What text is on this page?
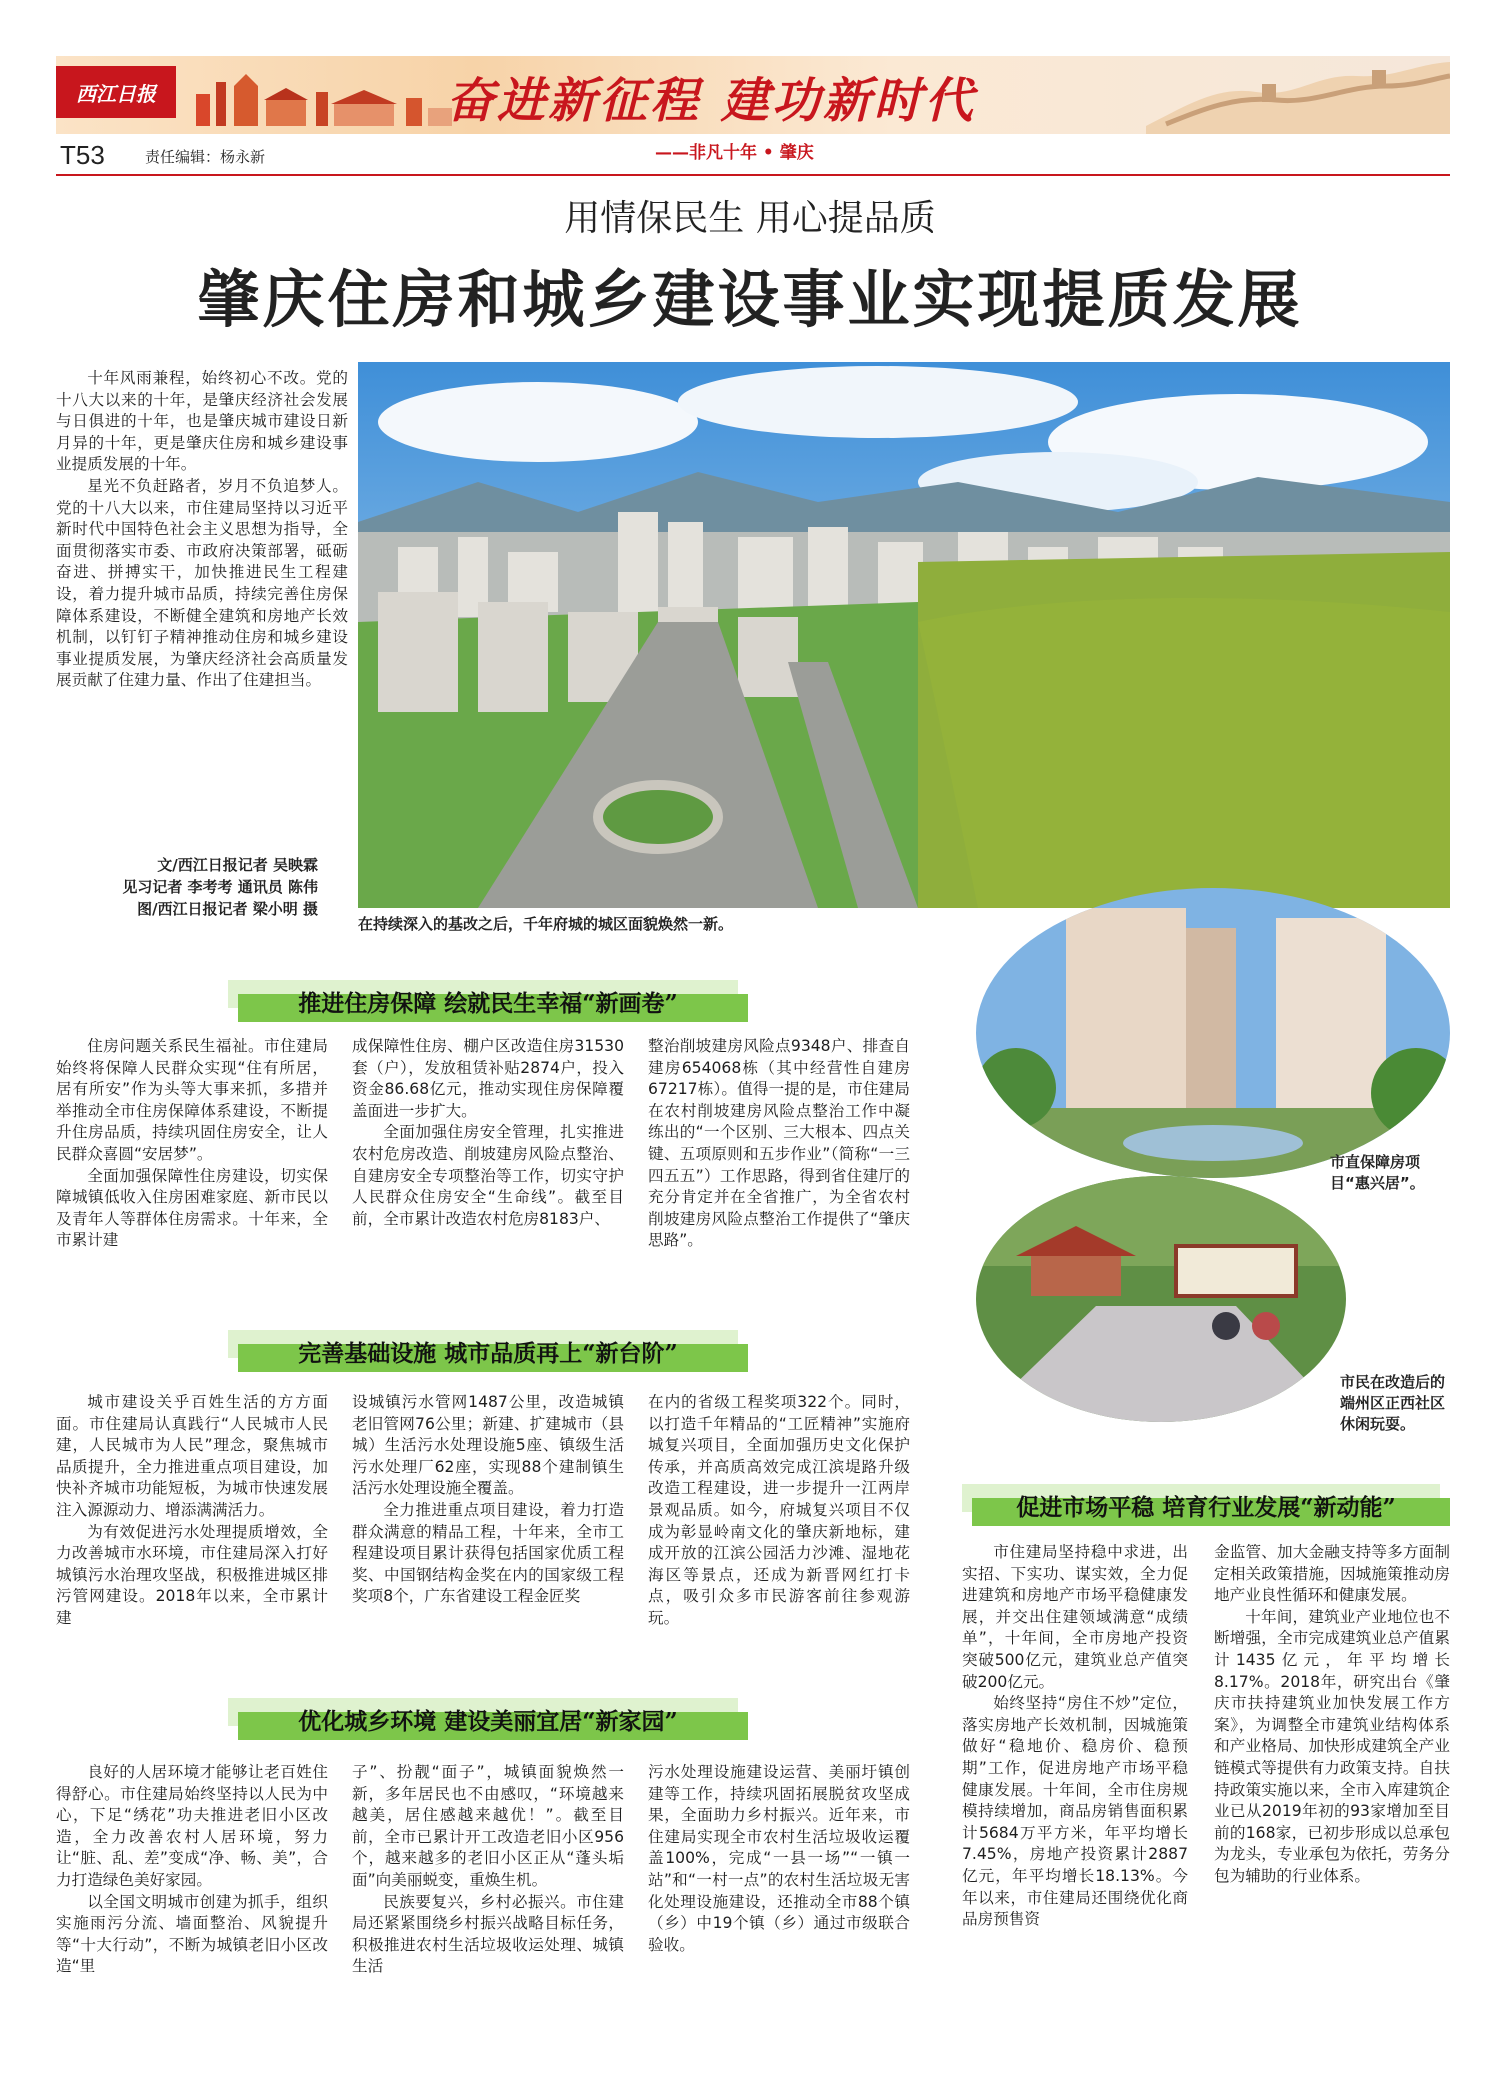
西江日报	奋进新征程 建功新时代
——非凡十年 • 肇庆
T53	责任编辑：杨永新
用情保民生 用心提品质
肇庆住房和城乡建设事业实现提质发展

十年风雨兼程，始终初心不改。党的十八大以来的十年，是肇庆经济社会发展与日俱进的十年，也是肇庆城市建设日新月异的十年，更是肇庆住房和城乡建设事业提质发展的十年。

星光不负赶路者，岁月不负追梦人。党的十八大以来，市住建局坚持以习近平新时代中国特色社会主义思想为指导，全面贯彻落实市委、市政府决策部署，砥砺奋进、拼搏实干，加快推进民生工程建设，着力提升城市品质，持续完善住房保障体系建设，不断健全建筑和房地产长效机制，以钉钉子精神推动住房和城乡建设事业提质发展，为肇庆经济社会高质量发展贡献了住建力量、作出了住建担当。

文/西江日报记者 吴映霖
见习记者 李考考 通讯员 陈伟
图/西江日报记者 梁小明 摄
在持续深入的基改之后，千年府城的城区面貌焕然一新。
市直保障房项目“惠兴居”。
市民在改造后的端州区正西社区休闲玩耍。
推进住房保障 绘就民生幸福“新画卷”

住房问题关系民生福祉。市住建局始终将保障人民群众实现“住有所居，居有所安”作为头等大事来抓，多措并举推动全市住房保障体系建设，不断提升住房品质，持续巩固住房安全，让人民群众喜圆“安居梦”。

全面加强保障性住房建设，切实保障城镇低收入住房困难家庭、新市民以及青年人等群体住房需求。十年来，全市累计建

成保障性住房、棚户区改造住房31530套（户），发放租赁补贴2874户，投入资金86.68亿元，推动实现住房保障覆盖面进一步扩大。

全面加强住房安全管理，扎实推进农村危房改造、削坡建房风险点整治、自建房安全专项整治等工作，切实守护人民群众住房安全“生命线”。截至目前，全市累计改造农村危房8183户、

整治削坡建房风险点9348户、排查自建房654068栋（其中经营性自建房67217栋）。值得一提的是，市住建局在农村削坡建房风险点整治工作中凝练出的“一个区别、三大根本、四点关键、五项原则和五步作业”（简称“一三四五五”）工作思路，得到省住建厅的充分肯定并在全省推广，为全省农村削坡建房风险点整治工作提供了“肇庆思路”。

完善基础设施 城市品质再上“新台阶”

城市建设关乎百姓生活的方方面面。市住建局认真践行“人民城市人民建，人民城市为人民”理念，聚焦城市品质提升，全力推进重点项目建设，加快补齐城市功能短板，为城市快速发展注入源源动力、增添满满活力。

为有效促进污水处理提质增效，全力改善城市水环境，市住建局深入打好城镇污水治理攻坚战，积极推进城区排污管网建设。2018年以来，全市累计建

设城镇污水管网1487公里，改造城镇老旧管网76公里；新建、扩建城市（县城）生活污水处理设施5座、镇级生活污水处理厂62座，实现88个建制镇生活污水处理设施全覆盖。

全力推进重点项目建设，着力打造群众满意的精品工程，十年来，全市工程建设项目累计获得包括国家优质工程奖、中国钢结构金奖在内的国家级工程奖项8个，广东省建设工程金匠奖

在内的省级工程奖项322个。同时，以打造千年精品的“工匠精神”实施府城复兴项目，全面加强历史文化保护传承，并高质高效完成江滨堤路升级改造工程建设，进一步提升一江两岸景观品质。如今，府城复兴项目不仅成为彰显岭南文化的肇庆新地标，建成开放的江滨公园活力沙滩、湿地花海区等景点，还成为新晋网红打卡点，吸引众多市民游客前往参观游玩。

优化城乡环境 建设美丽宜居“新家园”

良好的人居环境才能够让老百姓住得舒心。市住建局始终坚持以人民为中心，下足“绣花”功夫推进老旧小区改造，全力改善农村人居环境，努力让“脏、乱、差”变成“净、畅、美”，合力打造绿色美好家园。

以全国文明城市创建为抓手，组织实施雨污分流、墙面整治、风貌提升等“十大行动”，不断为城镇老旧小区改造“里

子”、扮靓“面子”，城镇面貌焕然一新，多年居民也不由感叹，“环境越来越美，居住感越来越优！”。截至目前，全市已累计开工改造老旧小区956个，越来越多的老旧小区正从“蓬头垢面”向美丽蜕变，重焕生机。

民族要复兴，乡村必振兴。市住建局还紧紧围绕乡村振兴战略目标任务，积极推进农村生活垃圾收运处理、城镇生活

污水处理设施建设运营、美丽圩镇创建等工作，持续巩固拓展脱贫攻坚成果，全面助力乡村振兴。近年来，市住建局实现全市农村生活垃圾收运覆盖100%，完成“一县一场”“一镇一站”和“一村一点”的农村生活垃圾无害化处理设施建设，还推动全市88个镇（乡）中19个镇（乡）通过市级联合验收。

促进市场平稳 培育行业发展“新动能”

市住建局坚持稳中求进，出实招、下实功、谋实效，全力促进建筑和房地产市场平稳健康发展，并交出住建领域满意“成绩单”，十年间，全市房地产投资突破500亿元，建筑业总产值突破200亿元。

始终坚持“房住不炒”定位，落实房地产长效机制，因城施策做好“稳地价、稳房价、稳预期”工作，促进房地产市场平稳健康发展。十年间，全市住房规模持续增加，商品房销售面积累计5684万平方米，年平均增长7.45%，房地产投资累计2887亿元，年平均增长18.13%。今年以来，市住建局还围绕优化商品房预售资

金监管、加大金融支持等多方面制定相关政策措施，因城施策推动房地产业良性循环和健康发展。

十年间，建筑业产业地位也不断增强，全市完成建筑业总产值累计1435亿元，年平均增长8.17%。2018年，研究出台《肇庆市扶持建筑业加快发展工作方案》，为调整全市建筑业结构体系和产业格局、加快形成建筑全产业链模式等提供有力政策支持。自扶持政策实施以来，全市入库建筑企业已从2019年初的93家增加至目前的168家，已初步形成以总承包为龙头，专业承包为依托，劳务分包为辅助的行业体系。
